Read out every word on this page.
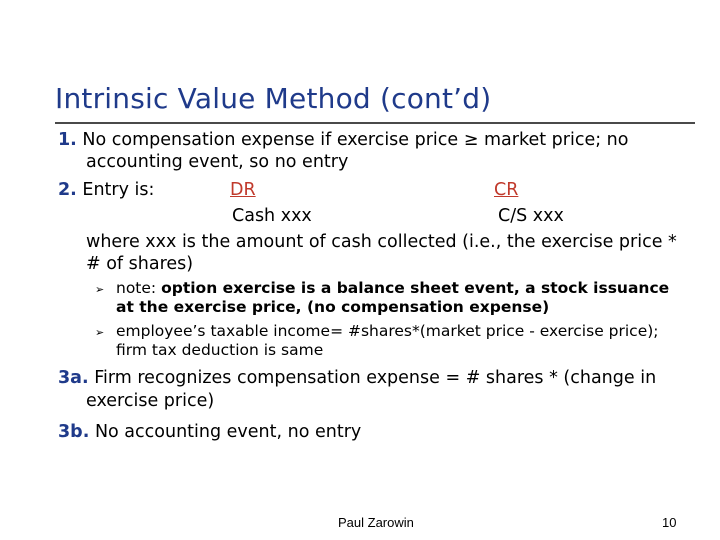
Intrinsic Value Method (cont’d)
1. No compensation expense if exercise price ≥ market price; no
accounting event, so no entry
2. Entry is:	DR	CR
Cash xxx	C/S xxx
where xxx is the amount of cash collected (i.e., the exercise price *
# of shares)
➢ note: option exercise is a balance sheet event, a stock issuance
at the exercise price, (no compensation expense)
➢ employee’s taxable income= #shares*(market price - exercise price);
firm tax deduction is same
3a. Firm recognizes compensation expense = # shares * (change in
exercise price)
3b. No accounting event, no entry
Paul Zarowin	10
